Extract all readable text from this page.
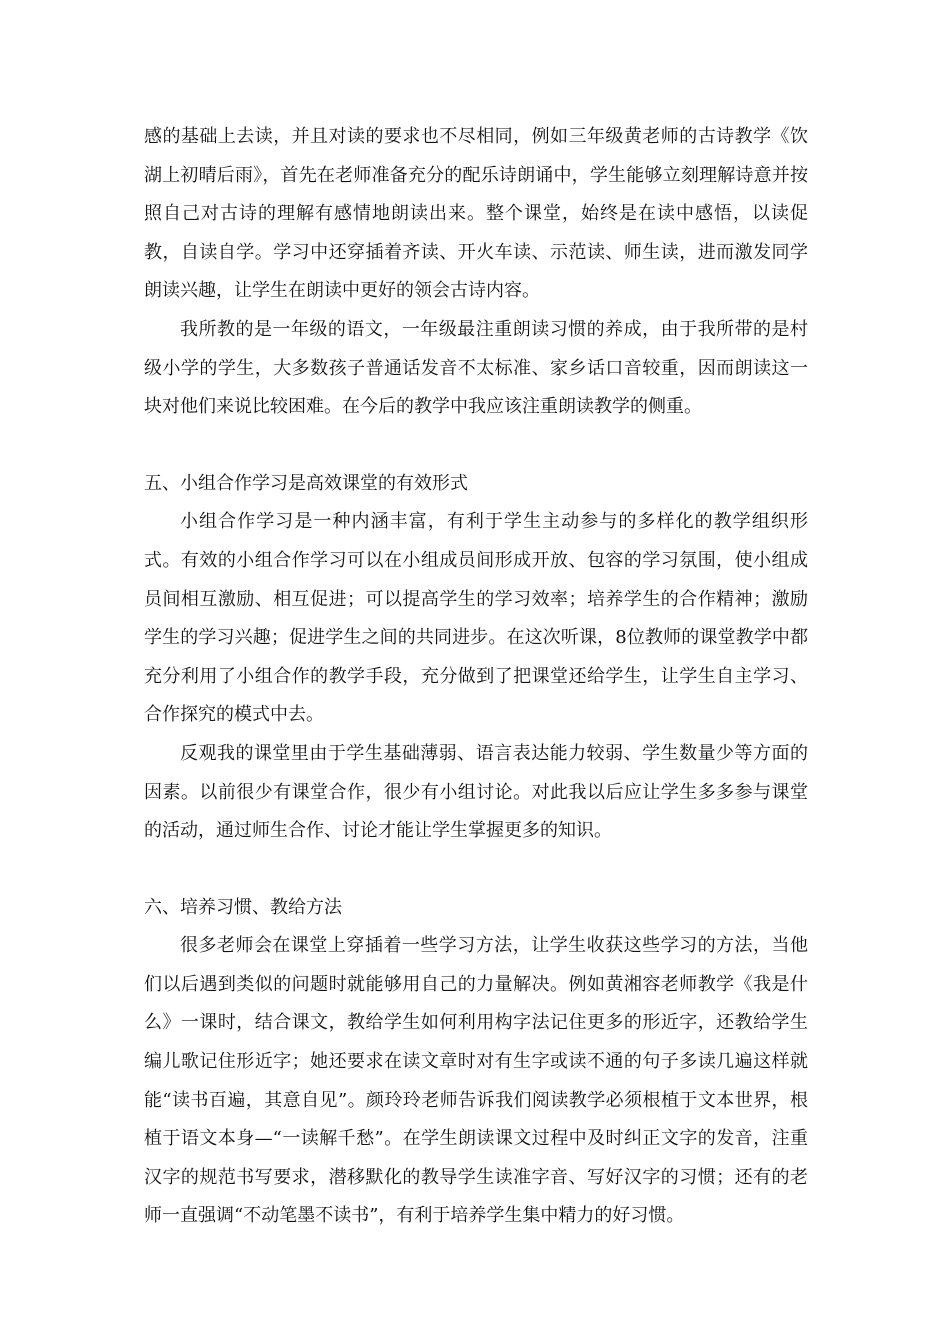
感的基础上去读，并且对读的要求也不尽相同，例如三年级黄老师的古诗教学《饮湖上初晴后雨》，首先在老师准备充分的配乐诗朗诵中，学生能够立刻理解诗意并按照自己对古诗的理解有感情地朗读出来。整个课堂，始终是在读中感悟，以读促教，自读自学。学习中还穿插着齐读、开火车读、示范读、师生读，进而激发同学朗读兴趣，让学生在朗读中更好的领会古诗内容。

我所教的是一年级的语文，一年级最注重朗读习惯的养成，由于我所带的是村级小学的学生，大多数孩子普通话发音不太标准、家乡话口音较重，因而朗读这一块对他们来说比较困难。在今后的教学中我应该注重朗读教学的侧重。

五、小组合作学习是高效课堂的有效形式

小组合作学习是一种内涵丰富，有利于学生主动参与的多样化的教学组织形式。有效的小组合作学习可以在小组成员间形成开放、包容的学习氛围，使小组成员间相互激励、相互促进；可以提高学生的学习效率；培养学生的合作精神；激励学生的学习兴趣；促进学生之间的共同进步。在这次听课，8位教师的课堂教学中都充分利用了小组合作的教学手段，充分做到了把课堂还给学生，让学生自主学习、合作探究的模式中去。

反观我的课堂里由于学生基础薄弱、语言表达能力较弱、学生数量少等方面的因素。以前很少有课堂合作，很少有小组讨论。对此我以后应让学生多多参与课堂的活动，通过师生合作、讨论才能让学生掌握更多的知识。

六、培养习惯、教给方法

很多老师会在课堂上穿插着一些学习方法，让学生收获这些学习的方法，当他们以后遇到类似的问题时就能够用自己的力量解决。例如黄湘容老师教学《我是什么》一课时，结合课文，教给学生如何利用构字法记住更多的形近字，还教给学生编儿歌记住形近字；她还要求在读文章时对有生字或读不通的句子多读几遍这样就能“读书百遍，其意自见”。颜玲玲老师告诉我们阅读教学必须根植于文本世界，根植于语文本身—“一读解千愁”。在学生朗读课文过程中及时纠正文字的发音，注重汉字的规范书写要求，潜移默化的教导学生读准字音、写好汉字的习惯；还有的老师一直强调“不动笔墨不读书”，有利于培养学生集中精力的好习惯。
